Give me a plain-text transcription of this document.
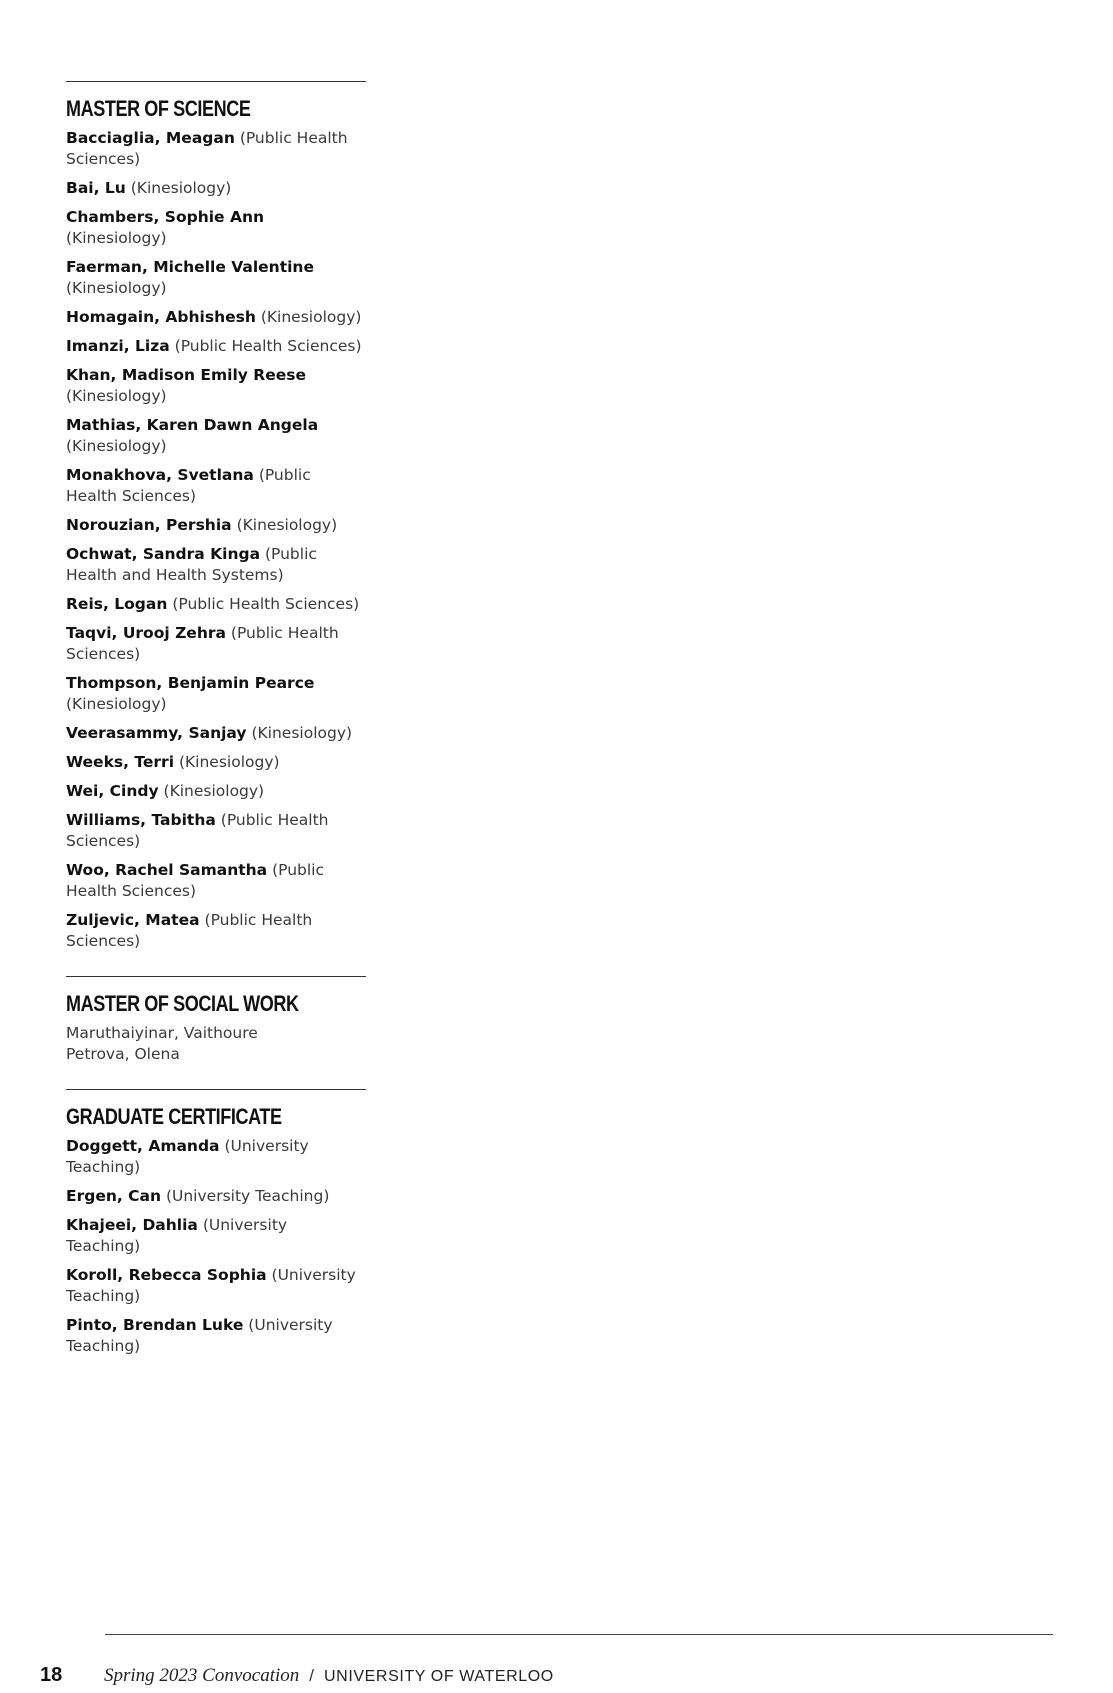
MASTER OF SCIENCE
Bacciaglia, Meagan (Public Health Sciences)
Bai, Lu (Kinesiology)
Chambers, Sophie Ann (Kinesiology)
Faerman, Michelle Valentine (Kinesiology)
Homagain, Abhishesh (Kinesiology)
Imanzi, Liza (Public Health Sciences)
Khan, Madison Emily Reese (Kinesiology)
Mathias, Karen Dawn Angela (Kinesiology)
Monakhova, Svetlana (Public Health Sciences)
Norouzian, Pershia (Kinesiology)
Ochwat, Sandra Kinga (Public Health and Health Systems)
Reis, Logan (Public Health Sciences)
Taqvi, Urooj Zehra (Public Health Sciences)
Thompson, Benjamin Pearce (Kinesiology)
Veerasammy, Sanjay (Kinesiology)
Weeks, Terri (Kinesiology)
Wei, Cindy (Kinesiology)
Williams, Tabitha (Public Health Sciences)
Woo, Rachel Samantha (Public Health Sciences)
Zuljevic, Matea (Public Health Sciences)
MASTER OF SOCIAL WORK
Maruthaiyinar, Vaithoure
Petrova, Olena
GRADUATE CERTIFICATE
Doggett, Amanda (University Teaching)
Ergen, Can (University Teaching)
Khajeei, Dahlia (University Teaching)
Koroll, Rebecca Sophia (University Teaching)
Pinto, Brendan Luke (University Teaching)
18	Spring 2023 Convocation / UNIVERSITY OF WATERLOO
